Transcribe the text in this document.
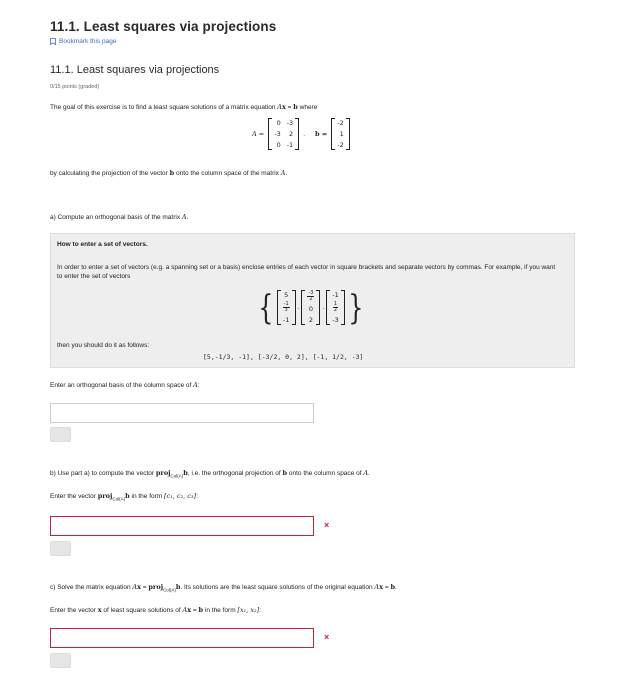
11.1. Least squares via projections
Bookmark this page
11.1. Least squares via projections
0/15 points (graded)
The goal of this exercise is to find a least square solutions of a matrix equation Ax = b where
A =
0 -3
-3	2
0 -1
. b =
-2
1
-2
by calculating the projection of the vector b onto the column space of the matrix A.
a) Compute an orthogonal basis of the matrix A.
How to enter a set of vectors.
In order to enter a set of vectors (e.g. a spanning set or a basis) enclose entries of each vector in square brackets and separate vectors by commas. For example, if you want to enter the set of vectors
{ 5
$\frac{-1}{3}$
-1
.
$\frac{-3}{2}$
0
2
.
-1
$\frac{1}{2}$
-3 }
then you should do it as follows:
[5,-1/3, -1], [-3/2, 0, 2], [-1, 1/2, -3]
Enter an orthogonal basis of the column space of A:
b) Use part a) to compute the vector proj$_{Col(A)}$b, i.e. the orthogonal projection of b onto the column space of A.
Enter the vector proj$_{Col(A)}$b in the form [c₁, c₂, c₃]:
×
c) Solve the matrix equation Ax = proj$_{Col(A)}$b. Its solutions are the least square solutions of the original equation Ax = b.
Enter the vector x of least square solutions of Ax = b in the form [x₁, x₂]:
×
